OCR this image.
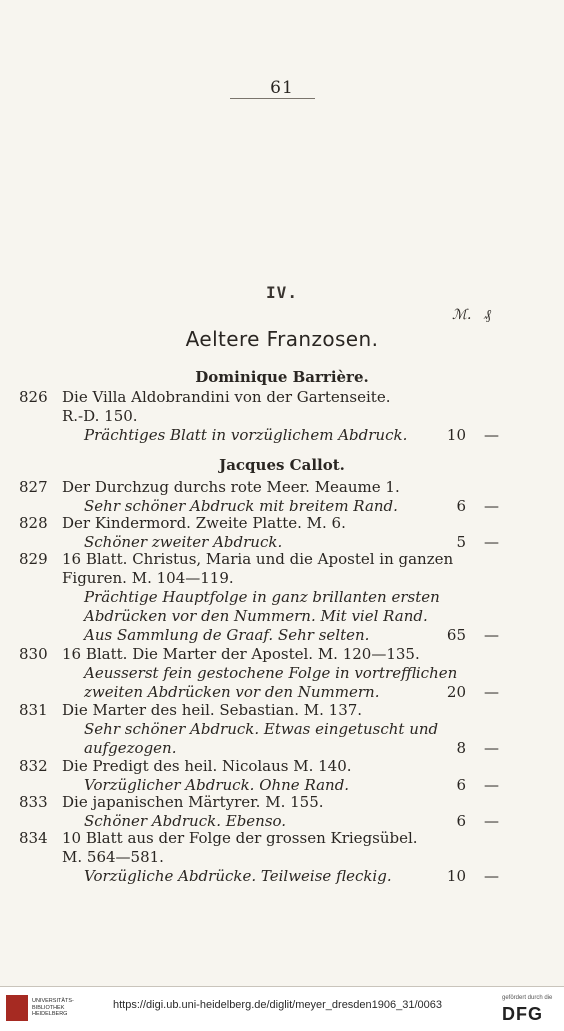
61
IV.
ℳ. ₰
Aeltere Franzosen.
Dominique Barrière.
826 Die Villa Aldobrandini von der Gartenseite.
R.-D. 150.
Prächtiges Blatt in vorzüglichem Abdruck.	10 —
Jacques Callot.
827 Der Durchzug durchs rote Meer. Meaume 1.
Sehr schöner Abdruck mit breitem Rand.	6 —
828 Der Kindermord. Zweite Platte. M. 6.
Schöner zweiter Abdruck.	5 —
829 16 Blatt. Christus, Maria und die Apostel in ganzen
Figuren. M. 104—119.
Prächtige Hauptfolge in ganz brillanten ersten
Abdrücken vor den Nummern. Mit viel Rand.
Aus Sammlung de Graaf. Sehr selten.	65 —
830 16 Blatt. Die Marter der Apostel. M. 120—135.
Aeusserst fein gestochene Folge in vortrefflichen
zweiten Abdrücken vor den Nummern.	20 —
831 Die Marter des heil. Sebastian. M. 137.
Sehr schöner Abdruck. Etwas eingetuscht und
aufgezogen.	8 —
832 Die Predigt des heil. Nicolaus M. 140.
Vorzüglicher Abdruck. Ohne Rand.	6 —
833 Die japanischen Märtyrer. M. 155.
Schöner Abdruck. Ebenso.	6 —
834 10 Blatt aus der Folge der grossen Kriegsübel.
M. 564—581.
Vorzügliche Abdrücke. Teilweise fleckig.	10 —
UNIVERSITÄTS-
BIBLIOTHEK
HEIDELBERG
https://digi.ub.uni-heidelberg.de/diglit/meyer_dresden1906_31/0063
gefördert durch die
DFG
